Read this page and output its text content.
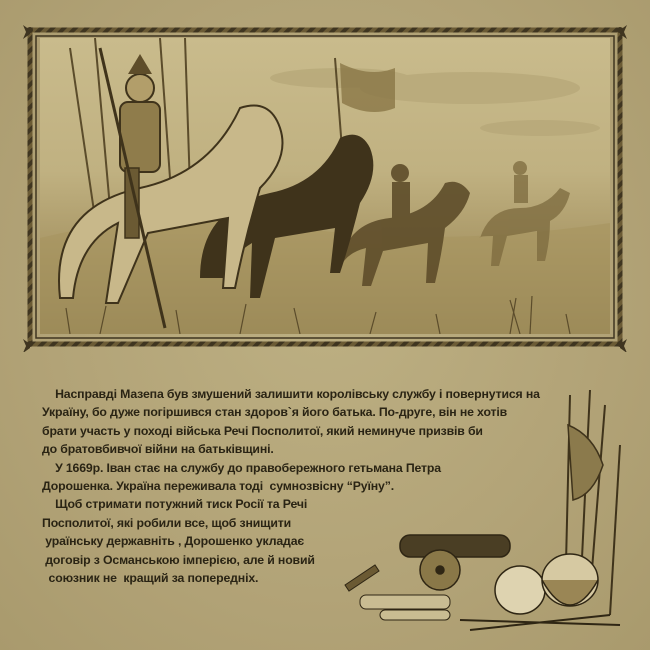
Насправді Мазепа був змушений залишити королівську службу і повернутися на

Україну, бо дуже погіршився стан здоров`я його батька. По-друге, він не хотів

брати участь у поході війська Речі Посполитої, який неминуче призвів би

до братовбивчої війни на батьківщині.

У 1669р. Іван стає на службу до правобережного гетьмана Петра

Дорошенка. Україна переживала тоді  сумнозвісну “Руїну”.

Щоб стримати потужний тиск Росії та Речі

Посполитої, які робили все, щоб знищити

ураїнську державніть , Дорошенко укладає

договір з Османською імперією, але й новий

союзник не  кращий за попередніх.
